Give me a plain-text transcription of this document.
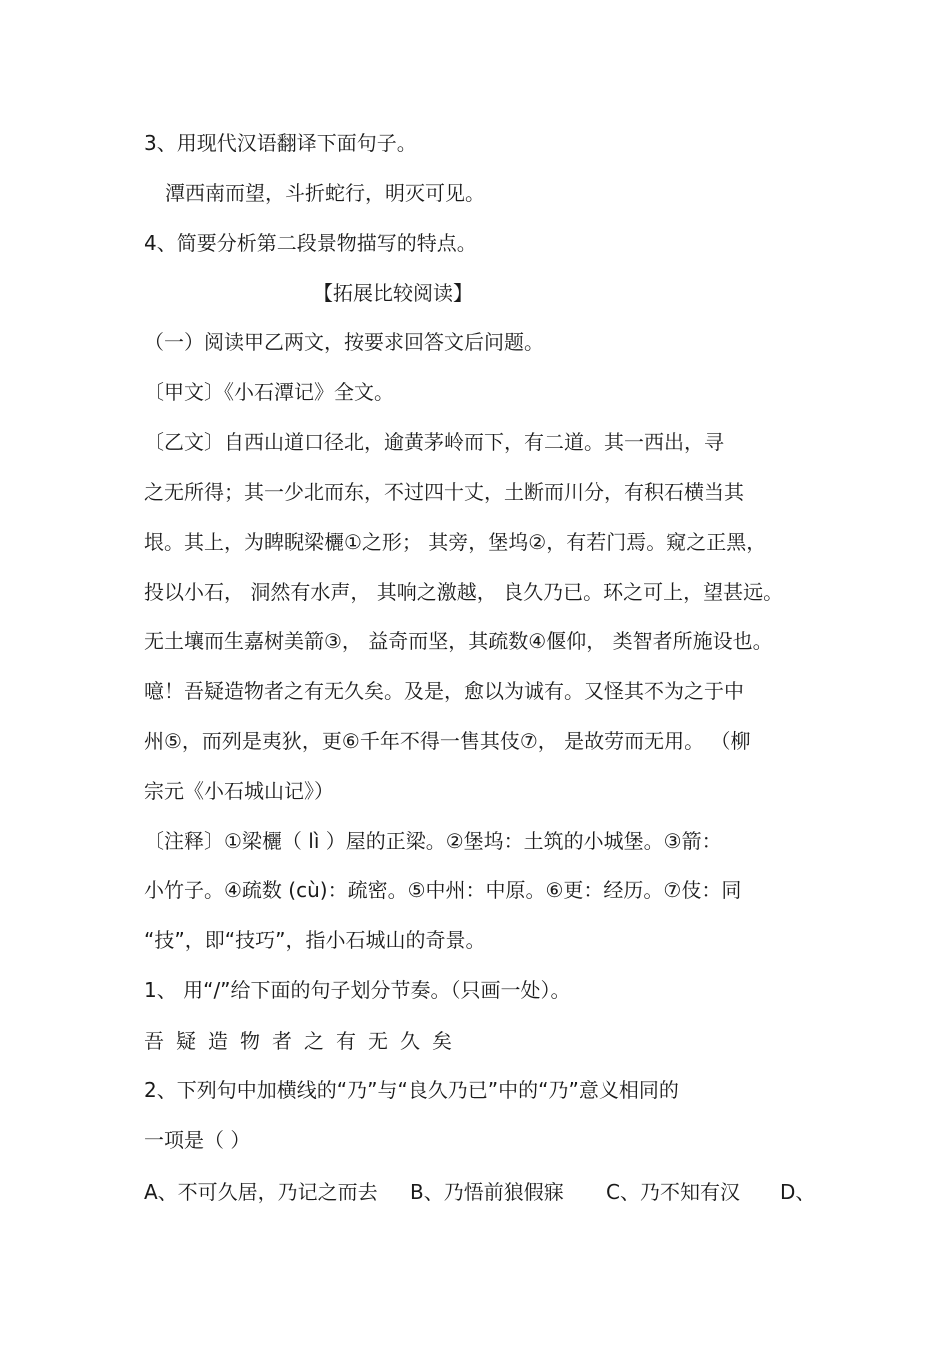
3、用现代汉语翻译下面句子。
潭西南而望，斗折蛇行，明灭可见。
4、简要分析第二段景物描写的特点。
【拓展比较阅读】
（一）阅读甲乙两文，按要求回答文后问题。
〔甲文〕《小石潭记》全文。
〔乙文〕自西山道口径北，逾黄茅岭而下，有二道。其一西出，寻
之无所得；其一少北而东，不过四十丈，土断而川分，有积石横当其
垠。其上，为睥睨梁欐①之形； 其旁，堡坞②，有若门焉。窥之正黑，
投以小石， 洞然有水声， 其响之激越， 良久乃已。环之可上，望甚远。
无土壤而生嘉树美箭③， 益奇而坚，其疏数④偃仰， 类智者所施设也。
噫！吾疑造物者之有无久矣。及是，愈以为诚有。又怪其不为之于中
州⑤，而列是夷狄，更⑥千年不得一售其伎⑦， 是故劳而无用。 （柳
宗元《小石城山记》）
〔注释〕①梁欐（ lì ）屋的正梁。②堡坞：土筑的小城堡。③箭：
小竹子。④疏数 (cù)：疏密。⑤中州：中原。⑥更：经历。⑦伎：同
“技”，即“技巧”，指小石城山的奇景。
1、 用“/”给下面的句子划分节奏。（只画一处）。
吾疑造物者之有无久矣
2、下列句中加横线的“乃”与“良久乃已”中的“乃”意义相同的
一项是（ ）
A、不可久居，乃记之而去 B、乃悟前狼假寐 C、乃不知有汉 D、
